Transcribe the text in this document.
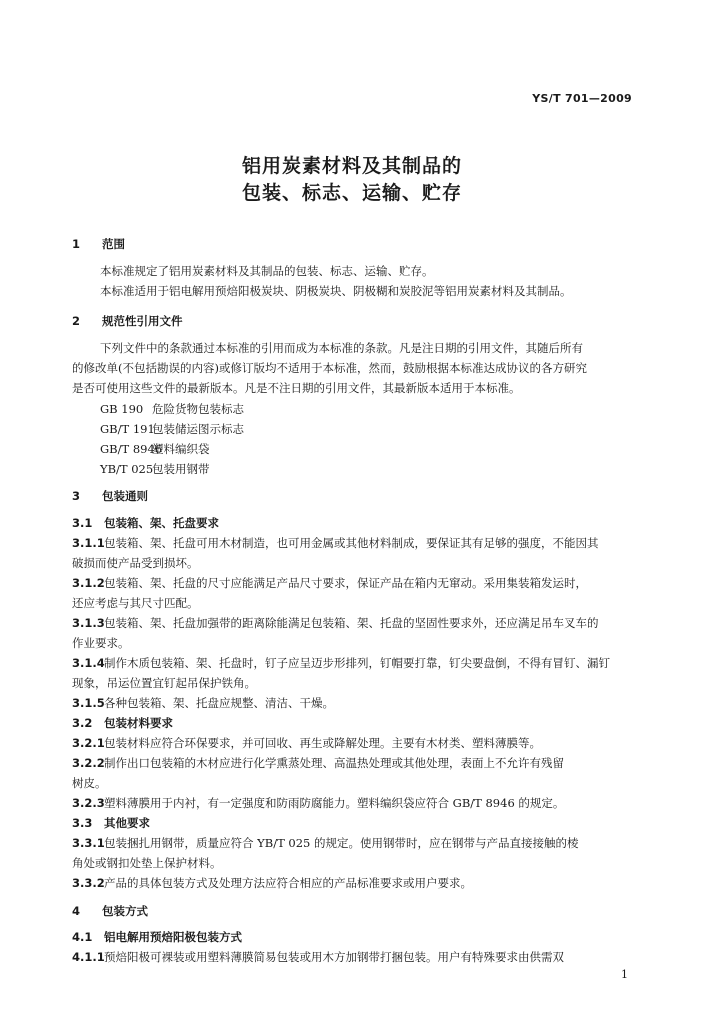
YS/T 701—2009
铝用炭素材料及其制品的
包装、标志、运输、贮存
1 范围
本标准规定了铝用炭素材料及其制品的包装、标志、运输、贮存。
本标准适用于铝电解用预焙阳极炭块、阴极炭块、阴极糊和炭胶泥等铝用炭素材料及其制品。
2 规范性引用文件
下列文件中的条款通过本标准的引用而成为本标准的条款。凡是注日期的引用文件，其随后所有
的修改单(不包括勘误的内容)或修订版均不适用于本标准，然而，鼓励根据本标准达成协议的各方研究
是否可使用这些文件的最新版本。凡是不注日期的引用文件，其最新版本适用于本标准。
GB 190 危险货物包装标志
GB/T 191包装储运图示标志
GB/T 8946塑料编织袋
YB/T 025包装用钢带
3 包装通则
3.1 包装箱、架、托盘要求
3.1.1包装箱、架、托盘可用木材制造，也可用金属或其他材料制成，要保证其有足够的强度，不能因其
破损而使产品受到损坏。
3.1.2包装箱、架、托盘的尺寸应能满足产品尺寸要求，保证产品在箱内无窜动。采用集装箱发运时，
还应考虑与其尺寸匹配。
3.1.3包装箱、架、托盘加强带的距离除能满足包装箱、架、托盘的坚固性要求外，还应满足吊车叉车的
作业要求。
3.1.4制作木质包装箱、架、托盘时，钉子应呈迈步形排列，钉帽要打靠，钉尖要盘倒，不得有冒钉、漏钉
现象，吊运位置宜钉起吊保护铁角。
3.1.5各种包装箱、架、托盘应规整、清洁、干燥。
3.2 包装材料要求
3.2.1包装材料应符合环保要求，并可回收、再生或降解处理。主要有木材类、塑料薄膜等。
3.2.2制作出口包装箱的木材应进行化学熏蒸处理、高温热处理或其他处理，表面上不允许有残留
树皮。
3.2.3塑料薄膜用于内衬，有一定强度和防雨防腐能力。塑料编织袋应符合 GB/T 8946 的规定。
3.3 其他要求
3.3.1包装捆扎用钢带，质量应符合 YB/T 025 的规定。使用钢带时，应在钢带与产品直接接触的棱
角处或钢扣处垫上保护材料。
3.3.2产品的具体包装方式及处理方法应符合相应的产品标准要求或用户要求。
4 包装方式
4.1 铝电解用预焙阳极包装方式
4.1.1预焙阳极可裸装或用塑料薄膜简易包装或用木方加钢带打捆包装。用户有特殊要求由供需双
1
